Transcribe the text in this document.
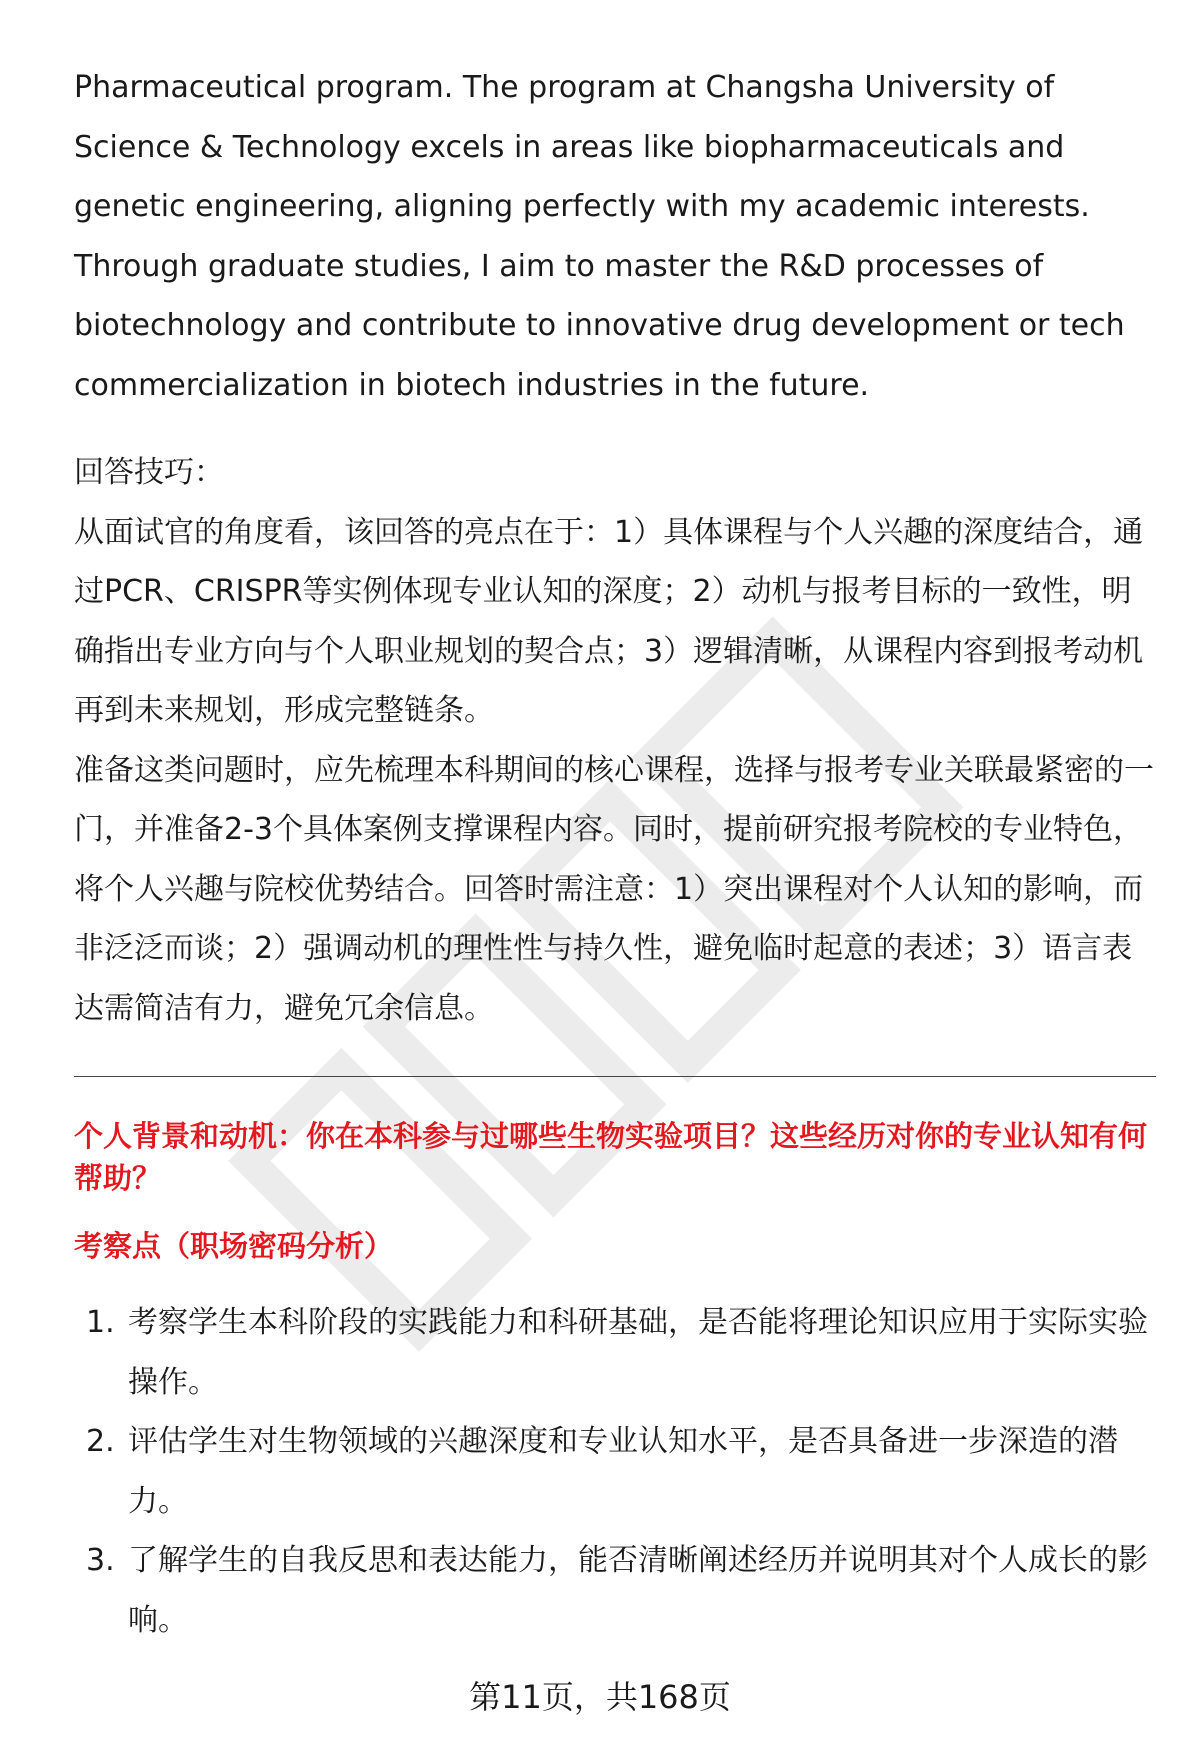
Pharmaceutical program. The program at Changsha University of Science & Technology excels in areas like biopharmaceuticals and genetic engineering, aligning perfectly with my academic interests. Through graduate studies, I aim to master the R&D processes of biotechnology and contribute to innovative drug development or tech commercialization in biotech industries in the future.

回答技巧：

从面试官的角度看，该回答的亮点在于：1）具体课程与个人兴趣的深度结合，通过PCR、CRISPR等实例体现专业认知的深度；2）动机与报考目标的一致性，明确指出专业方向与个人职业规划的契合点；3）逻辑清晰，从课程内容到报考动机再到未来规划，形成完整链条。

准备这类问题时，应先梳理本科期间的核心课程，选择与报考专业关联最紧密的一门，并准备2-3个具体案例支撑课程内容。同时，提前研究报考院校的专业特色，将个人兴趣与院校优势结合。回答时需注意：1）突出课程对个人认知的影响，而非泛泛而谈；2）强调动机的理性性与持久性，避免临时起意的表述；3）语言表达需简洁有力，避免冗余信息。

个人背景和动机：你在本科参与过哪些生物实验项目？这些经历对你的专业认知有何帮助？

考察点（职场密码分析）

1. 考察学生本科阶段的实践能力和科研基础，是否能将理论知识应用于实际实验操作。
2. 评估学生对生物领域的兴趣深度和专业认知水平，是否具备进一步深造的潜力。
3. 了解学生的自我反思和表达能力，能否清晰阐述经历并说明其对个人成长的影响。
第11页，共168页
